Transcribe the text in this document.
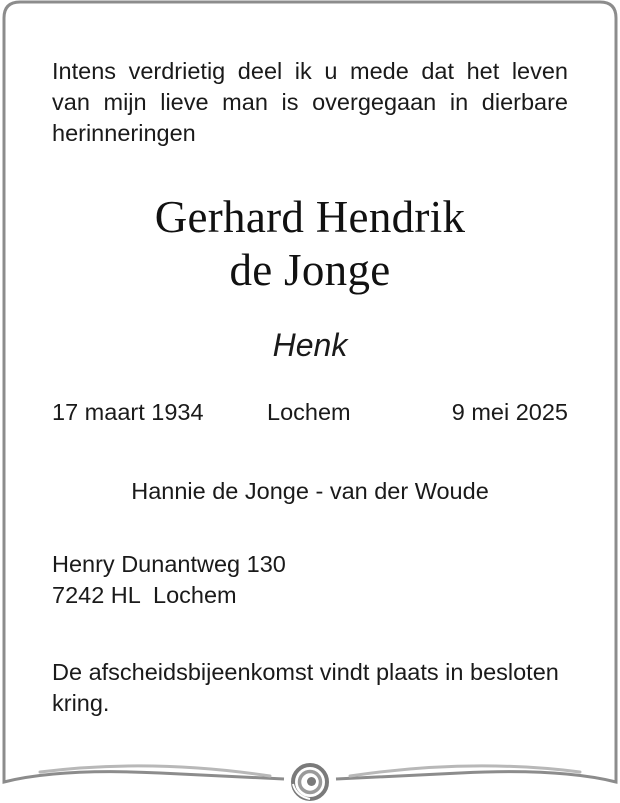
Intens verdrietig deel ik u mede dat het leven
van mijn lieve man is overgegaan in dierbare
herinneringen
Gerhard Hendrik
de Jonge
Henk
17 maart 1934	Lochem	9 mei 2025
Hannie de Jonge - van der Woude
Henry Dunantweg 130
7242 HL  Lochem
De afscheidsbijeenkomst vindt plaats in besloten
kring.
